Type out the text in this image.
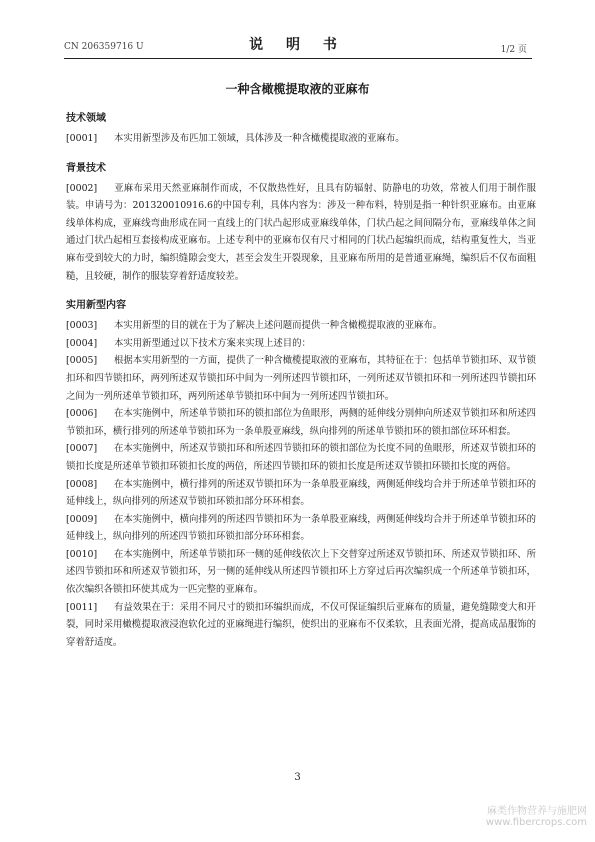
CN 206359716 U	说 明 书	1/2 页
一种含橄榄提取液的亚麻布
技术领域

[0001] 本实用新型涉及布匹加工领域，具体涉及一种含橄榄提取液的亚麻布。

背景技术

[0002] 亚麻布采用天然亚麻制作而成，不仅散热性好，且具有防辐射、防静电的功效，常被人们用于制作服装。申请号为：201320010916.6的中国专利，具体内容为：涉及一种布料，特别是指一种针织亚麻布。由亚麻线单体构成，亚麻线弯曲形成在同一直线上的门状凸起形成亚麻线单体，门状凸起之间间隔分布，亚麻线单体之间通过门状凸起相互套接构成亚麻布。上述专利中的亚麻布仅有尺寸相同的门状凸起编织而成，结构重复性大，当亚麻布受到较大的力时，编织缝隙会变大，甚至会发生开裂现象，且亚麻布所用的是普通亚麻绳，编织后不仅布面粗糙，且较硬，制作的服装穿着舒适度较差。

实用新型内容

[0003] 本实用新型的目的就在于为了解决上述问题而提供一种含橄榄提取液的亚麻布。

[0004] 本实用新型通过以下技术方案来实现上述目的：

[0005] 根据本实用新型的一方面，提供了一种含橄榄提取液的亚麻布，其特征在于：包括单节锁扣环、双节锁扣环和四节锁扣环，两列所述双节锁扣环中间为一列所述四节锁扣环，一列所述双节锁扣环和一列所述四节锁扣环之间为一列所述单节锁扣环，两列所述单节锁扣环中间为一列所述四节锁扣环。

[0006] 在本实施例中，所述单节锁扣环的锁扣部位为鱼眼形，两侧的延伸线分别伸向所述双节锁扣环和所述四节锁扣环，横行排列的所述单节锁扣环为一条单股亚麻线，纵向排列的所述单节锁扣环的锁扣部位环环相套。

[0007] 在本实施例中，所述双节锁扣环和所述四节锁扣环的锁扣部位为长度不同的鱼眼形，所述双节锁扣环的锁扣长度是所述单节锁扣环锁扣长度的两倍，所述四节锁扣环的锁扣长度是所述双节锁扣环锁扣长度的两倍。

[0008] 在本实施例中，横行排列的所述双节锁扣环为一条单股亚麻线，两侧延伸线均合并于所述单节锁扣环的延伸线上，纵向排列的所述双节锁扣环锁扣部分环环相套。

[0009] 在本实施例中，横向排列的所述四节锁扣环为一条单股亚麻线，两侧延伸线均合并于所述单节锁扣环的延伸线上，纵向排列的所述四节锁扣环锁扣部分环环相套。

[0010] 在本实施例中，所述单节锁扣环一侧的延伸线依次上下交替穿过所述双节锁扣环、所述双节锁扣环、所述四节锁扣环和所述双节锁扣环，另一侧的延伸线从所述四节锁扣环上方穿过后再次编织成一个所述单节锁扣环，依次编织各锁扣环使其成为一匹完整的亚麻布。

[0011] 有益效果在于：采用不同尺寸的锁扣环编织而成，不仅可保证编织后亚麻布的质量，避免缝隙变大和开裂，同时采用橄榄提取液浸泡软化过的亚麻绳进行编织，使织出的亚麻布不仅柔软，且表面光滑，提高成品服饰的穿着舒适度。

3
麻类作物营养与施肥网
www.fibercrops.com
